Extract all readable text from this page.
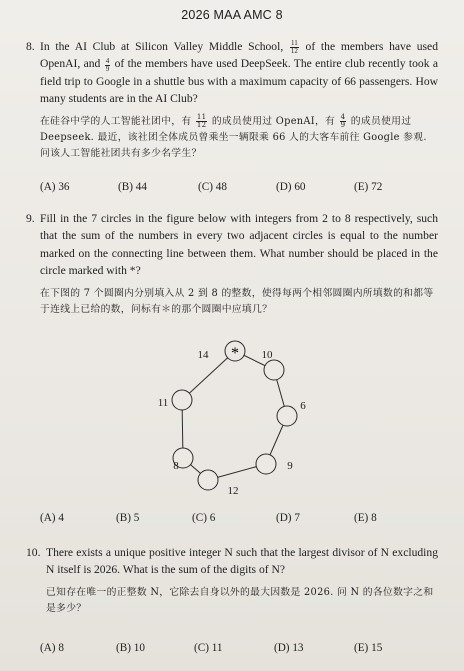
2026 MAA AMC 8
8. In the AI Club at Silicon Valley Middle School, $\frac{11}{12}$ of the members have used OpenAI, and $\frac{4}{9}$ of the members have used DeepSeek. The entire club recently took a field trip to Google in a shuttle bus with a maximum capacity of 66 passengers. How many students are in the AI Club?
在硅谷中学的人工智能社团中，有 $\frac{11}{12}$ 的成员使用过 OpenAI，有 $\frac{4}{9}$ 的成员使用过 Deepseek. 最近，该社团全体成员曾乘坐一辆限乘 66 人的大客车前往 Google 参观. 问该人工智能社团共有多少名学生？
(A) 36	(B) 44	(C) 48	(D) 60	(E) 72
9. Fill in the 7 circles in the figure below with integers from 2 to 8 respectively, such that the sum of the numbers in every two adjacent circles is equal to the number marked on the connecting line between them. What number should be placed in the circle marked with *?
在下图的 7 个圆圈内分别填入从 2 到 8 的整数，使得每两个相邻圆圈内所填数的和都等于连线上已给的数，问标有＊的那个圆圈中应填几？
* 10
6
9
12
8
11
14
(A) 4	(B) 5	(C) 6	(D) 7	(E) 8
10. There exists a unique positive integer N such that the largest divisor of N excluding N itself is 2026. What is the sum of the digits of N?
已知存在唯一的正整数 N，它除去自身以外的最大因数是 2026. 问 N 的各位数字之和是多少？
(A) 8	(B) 10	(C) 11	(D) 13	(E) 15
